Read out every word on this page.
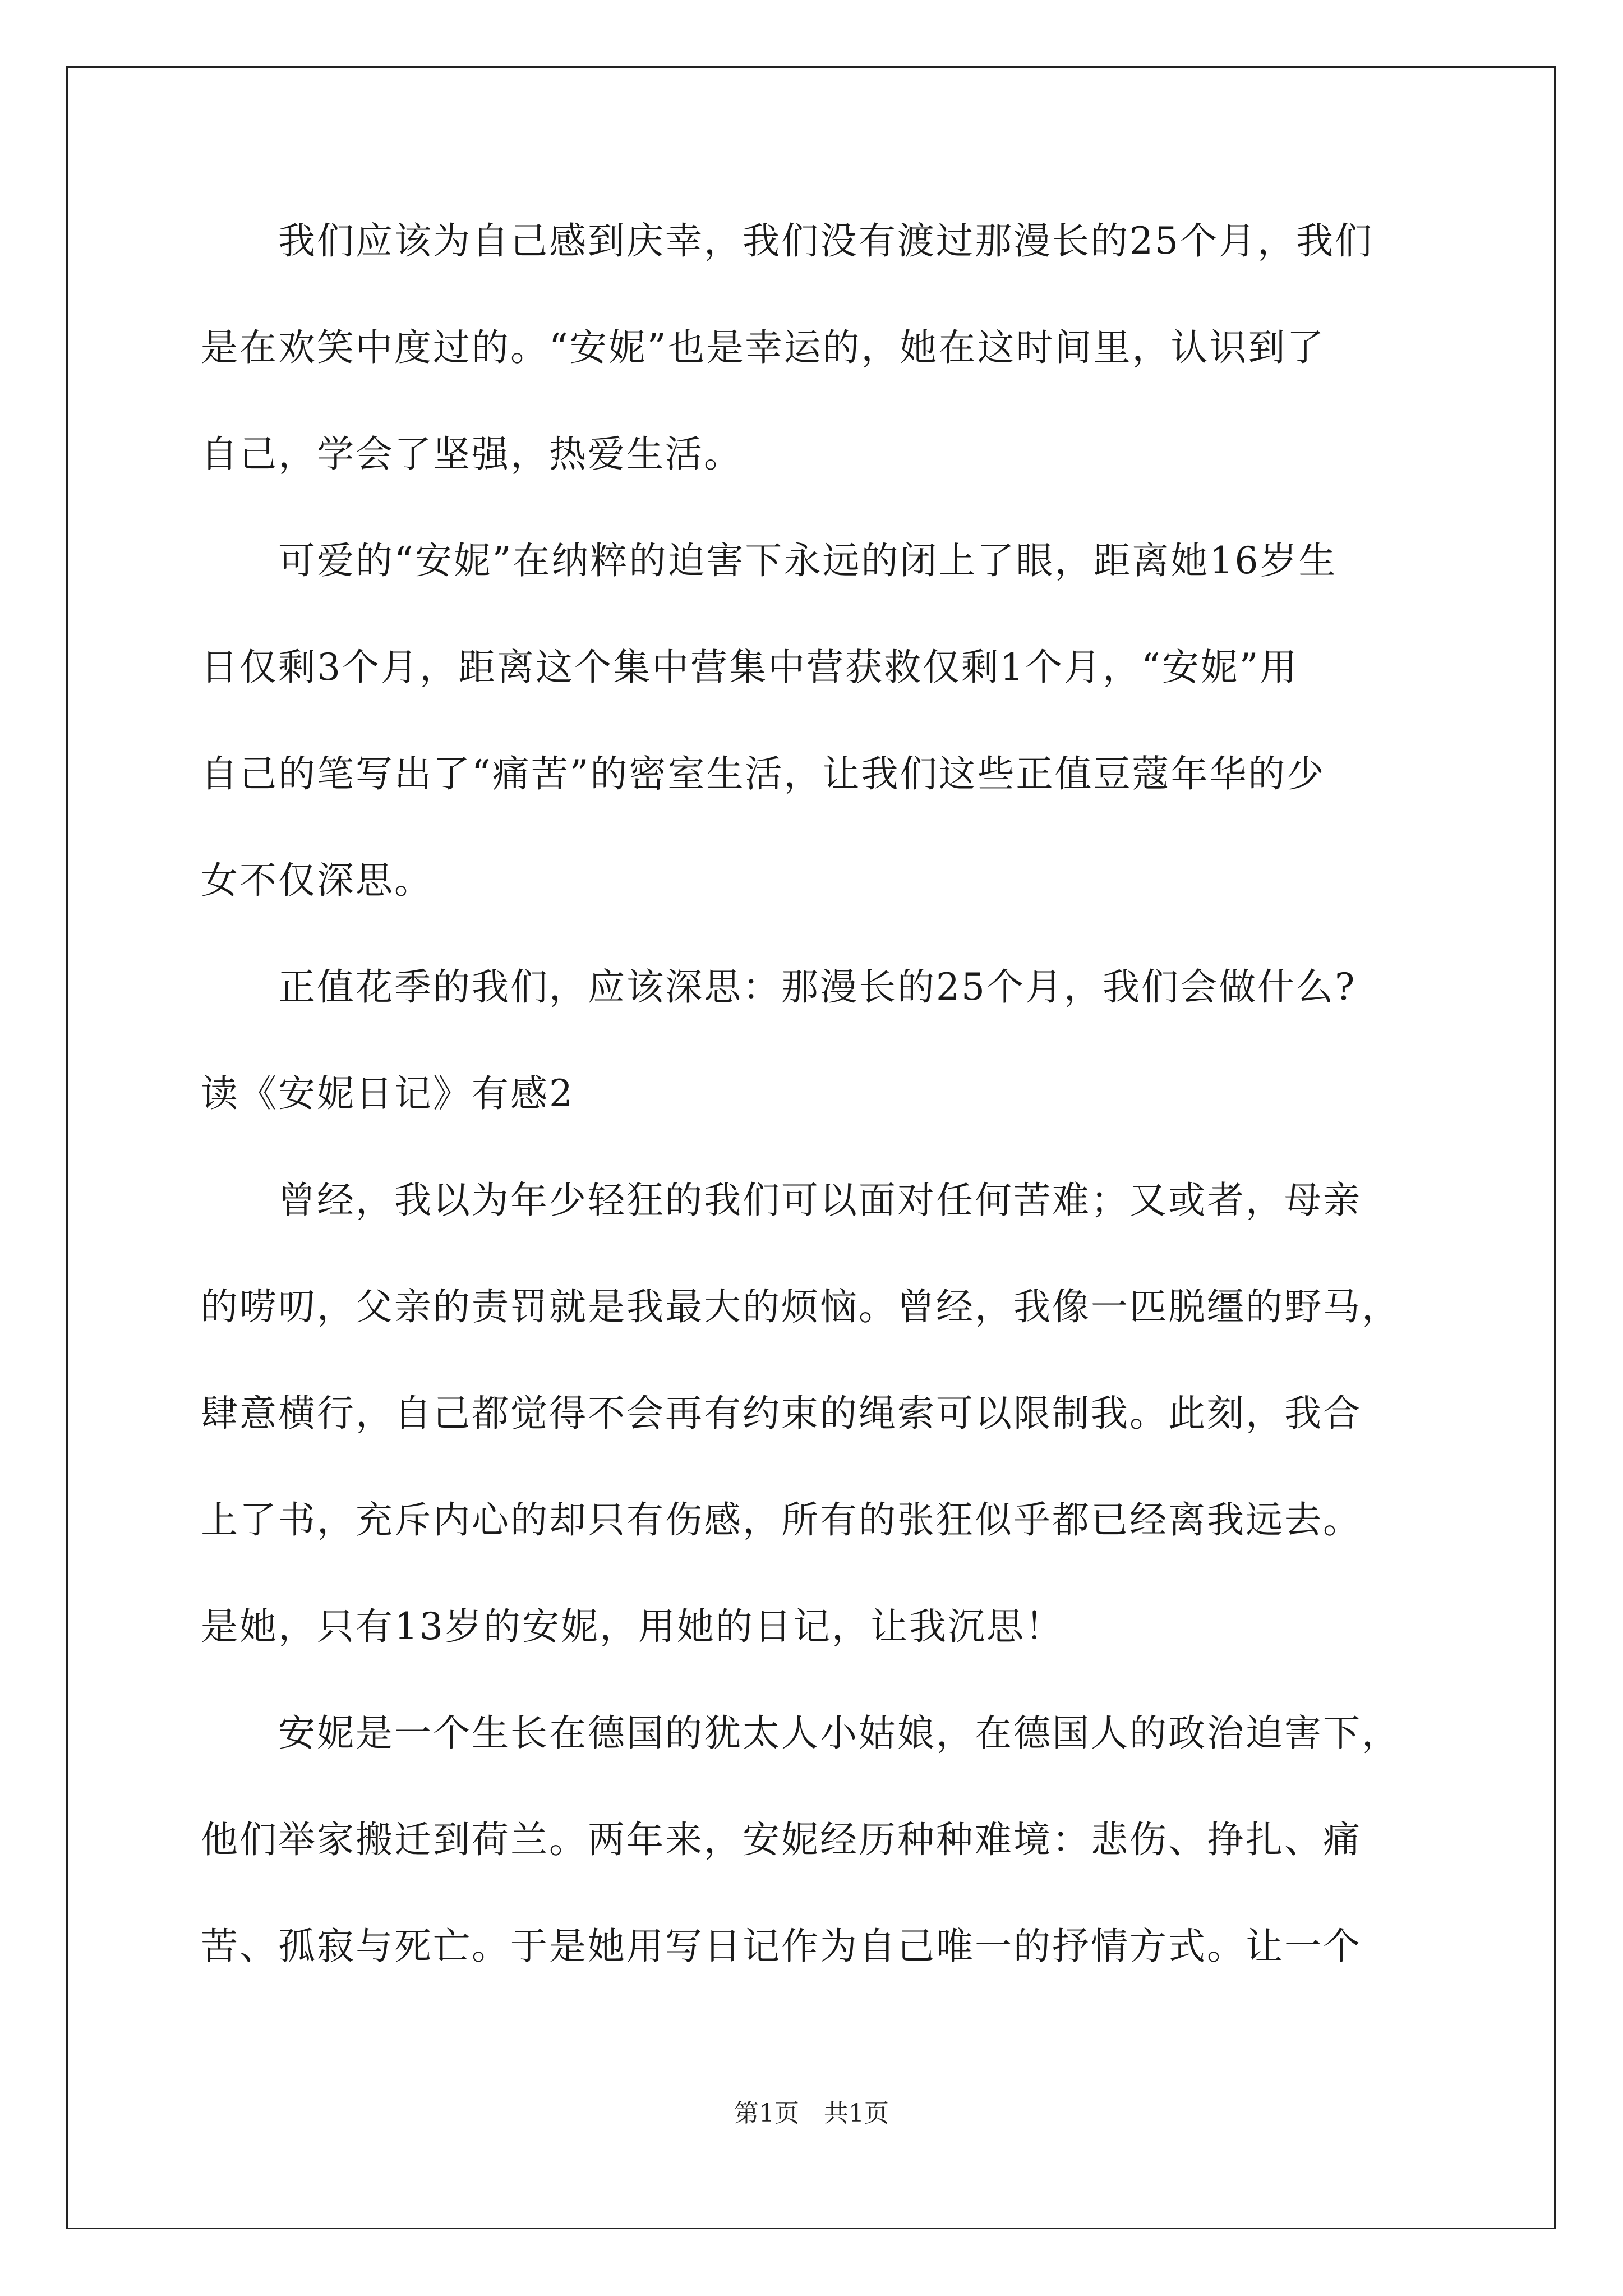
　　我们应该为自己感到庆幸，我们没有渡过那漫长的25个月，我们
是在欢笑中度过的。“安妮”也是幸运的，她在这时间里，认识到了
自己，学会了坚强，热爱生活。
　　可爱的“安妮”在纳粹的迫害下永远的闭上了眼，距离她16岁生
日仅剩3个月，距离这个集中营集中营获救仅剩1个月，“安妮”用
自己的笔写出了“痛苦”的密室生活，让我们这些正值豆蔻年华的少
女不仅深思。
　　正值花季的我们，应该深思：那漫长的25个月，我们会做什么?
读《安妮日记》有感2
　　曾经，我以为年少轻狂的我们可以面对任何苦难；又或者，母亲
的唠叨，父亲的责罚就是我最大的烦恼。曾经，我像一匹脱缰的野马，
肆意横行，自己都觉得不会再有约束的绳索可以限制我。此刻，我合
上了书，充斥内心的却只有伤感，所有的张狂似乎都已经离我远去。
是她，只有13岁的安妮，用她的日记，让我沉思！
　　安妮是一个生长在德国的犹太人小姑娘，在德国人的政治迫害下，
他们举家搬迁到荷兰。两年来，安妮经历种种难境：悲伤、挣扎、痛
苦、孤寂与死亡。于是她用写日记作为自己唯一的抒情方式。让一个
第1页　共1页
